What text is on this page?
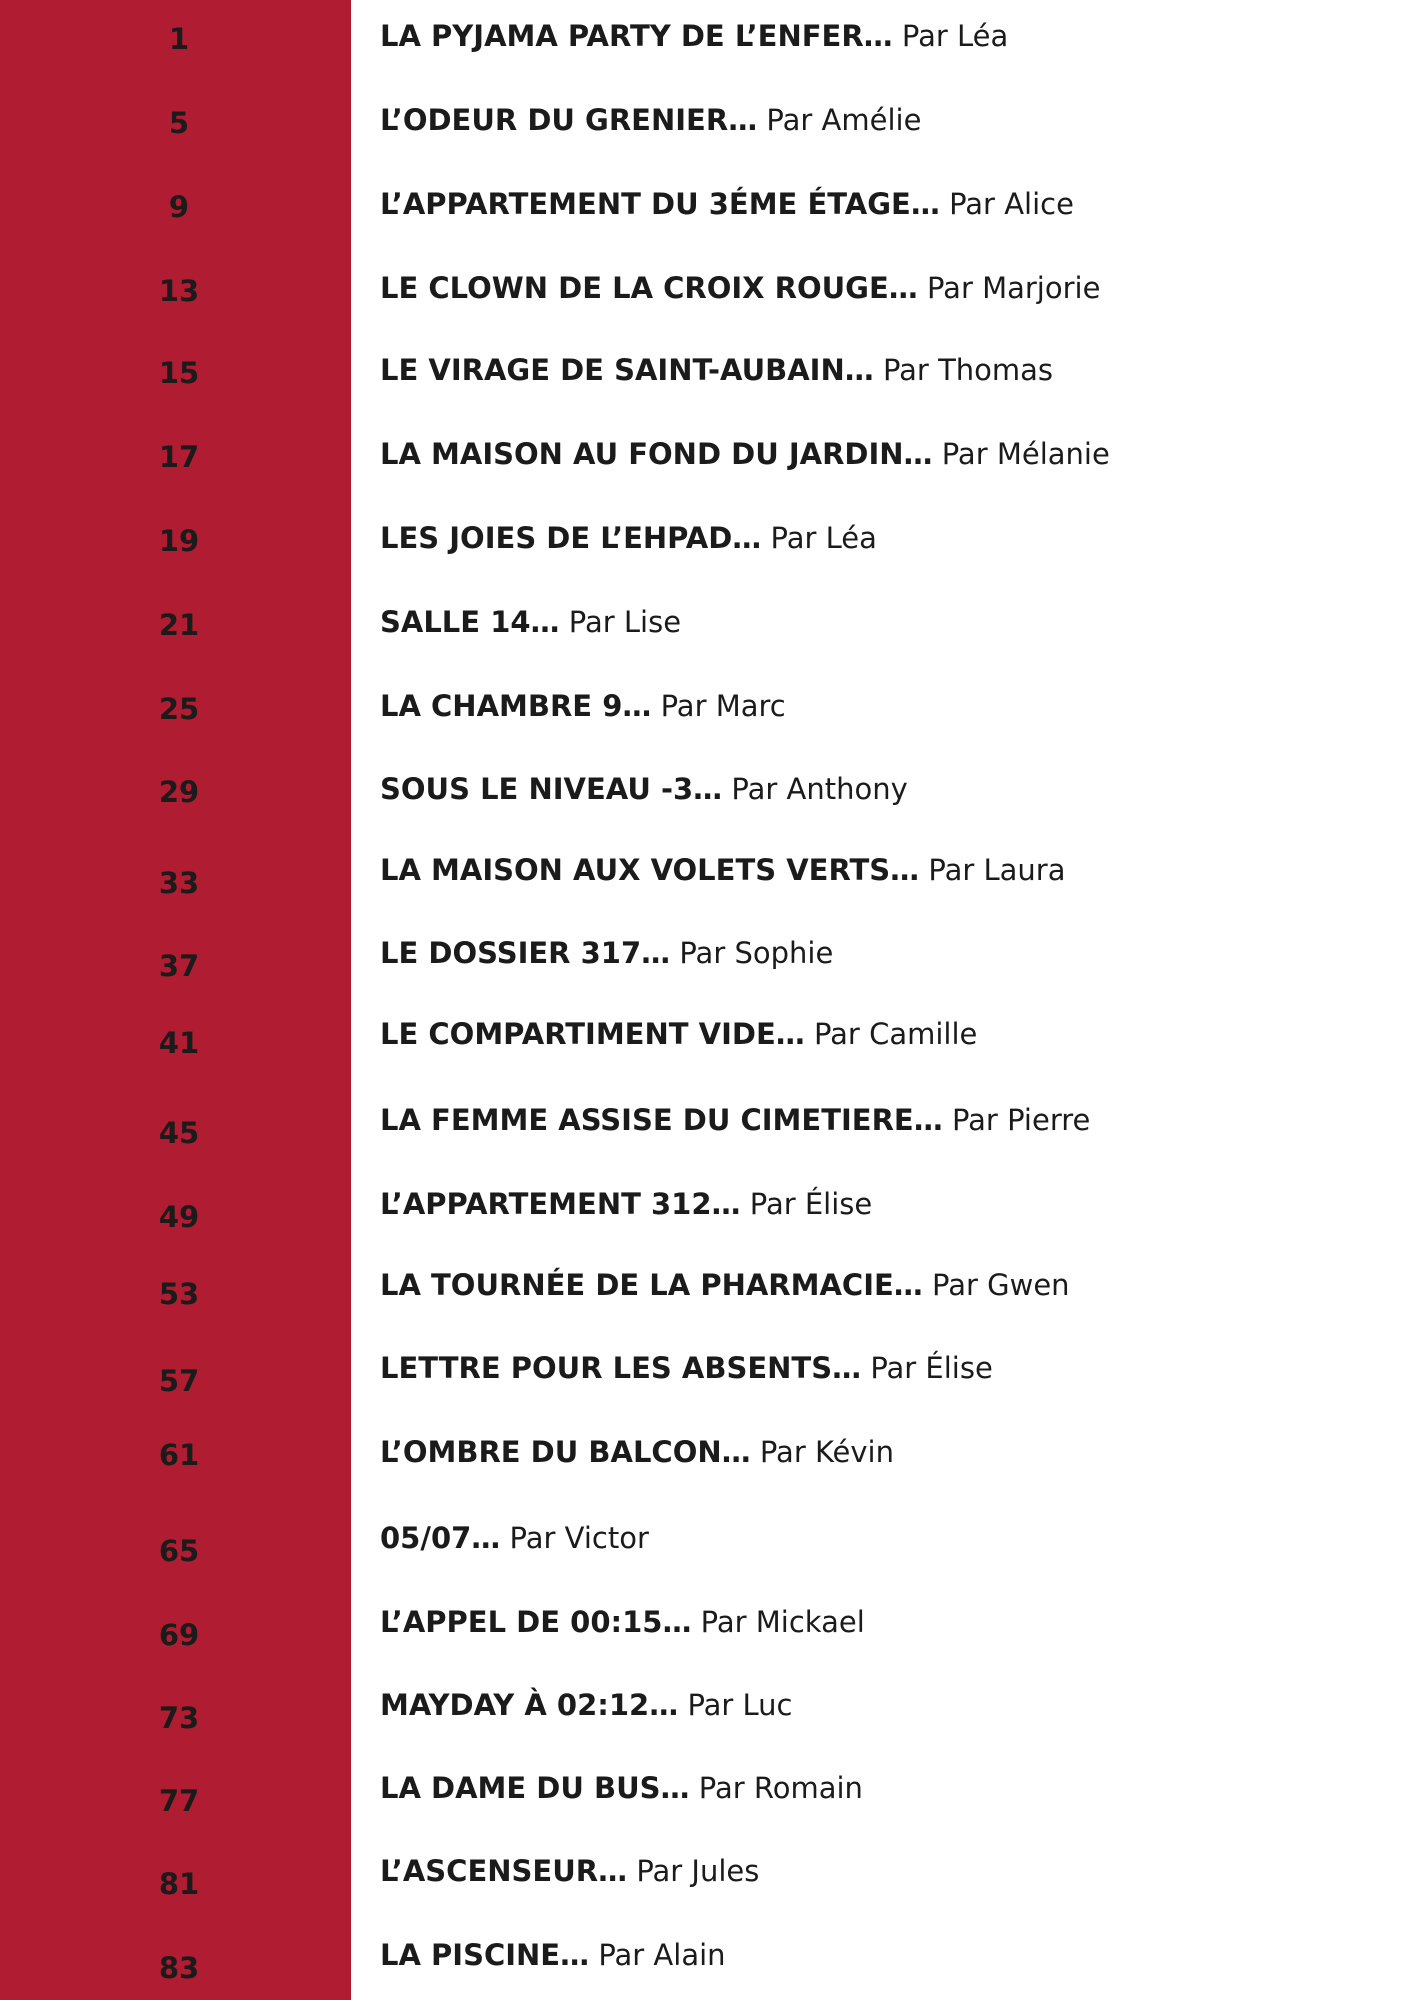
1	LA PYJAMA PARTY DE L’ENFER… Par Léa
5	L’ODEUR DU GRENIER… Par Amélie
9	L’APPARTEMENT DU 3ÉME ÉTAGE… Par Alice
13	LE CLOWN DE LA CROIX ROUGE… Par Marjorie
15	LE VIRAGE DE SAINT-AUBAIN… Par Thomas
17	LA MAISON AU FOND DU JARDIN… Par Mélanie
19	LES JOIES DE L’EHPAD… Par Léa
21	SALLE 14… Par Lise
25	LA CHAMBRE 9… Par Marc
29	SOUS LE NIVEAU -3… Par Anthony
33	LA MAISON AUX VOLETS VERTS… Par Laura
37	LE DOSSIER 317… Par Sophie
41	LE COMPARTIMENT VIDE… Par Camille
45	LA FEMME ASSISE DU CIMETIERE… Par Pierre
49	L’APPARTEMENT 312… Par Élise
53	LA TOURNÉE DE LA PHARMACIE… Par Gwen
57	LETTRE POUR LES ABSENTS… Par Élise
61	L’OMBRE DU BALCON… Par Kévin
65	05/07… Par Victor
69	L’APPEL DE 00:15… Par Mickael
73	MAYDAY À 02:12… Par Luc
77	LA DAME DU BUS… Par Romain
81	L’ASCENSEUR… Par Jules
83	LA PISCINE… Par Alain
